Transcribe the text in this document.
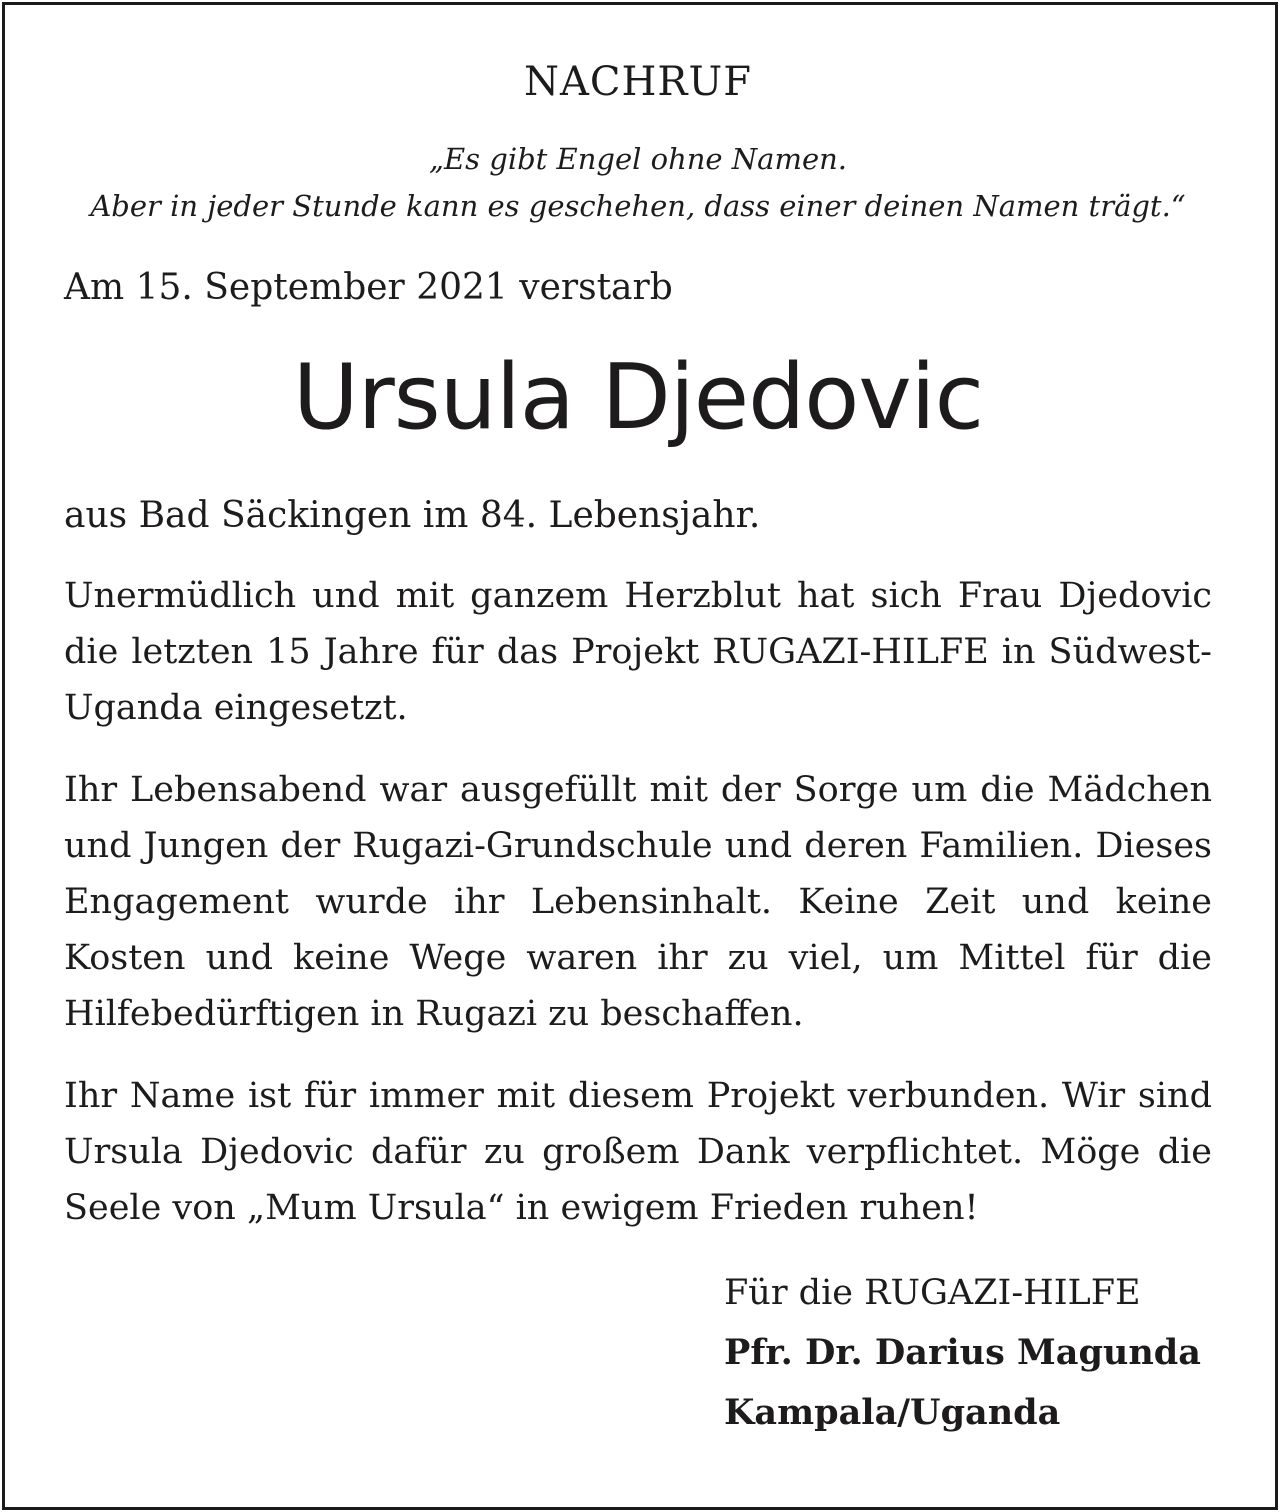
NACHRUF
„Es gibt Engel ohne Namen.
Aber in jeder Stunde kann es geschehen, dass einer deinen Namen trägt.“
Am 15. September 2021 verstarb
Ursula Djedovic
aus Bad Säckingen im 84. Lebensjahr.

Unermüdlich und mit ganzem Herzblut hat sich Frau Djedovic die letzten 15 Jahre für das Projekt RUGAZI-HILFE in Südwest-Uganda eingesetzt.

Ihr Lebensabend war ausgefüllt mit der Sorge um die Mädchen und Jungen der Rugazi-Grundschule und deren Familien. Dieses Engagement wurde ihr Lebensinhalt. Keine Zeit und keine Kosten und keine Wege waren ihr zu viel, um Mittel für die Hilfebedürftigen in Rugazi zu beschaffen.

Ihr Name ist für immer mit diesem Projekt verbunden. Wir sind Ursula Djedovic dafür zu großem Dank verpflichtet. Möge die Seele von „Mum Ursula“ in ewigem Frieden ruhen!

Für die RUGAZI-HILFE
Pfr. Dr. Darius Magunda
Kampala/Uganda
